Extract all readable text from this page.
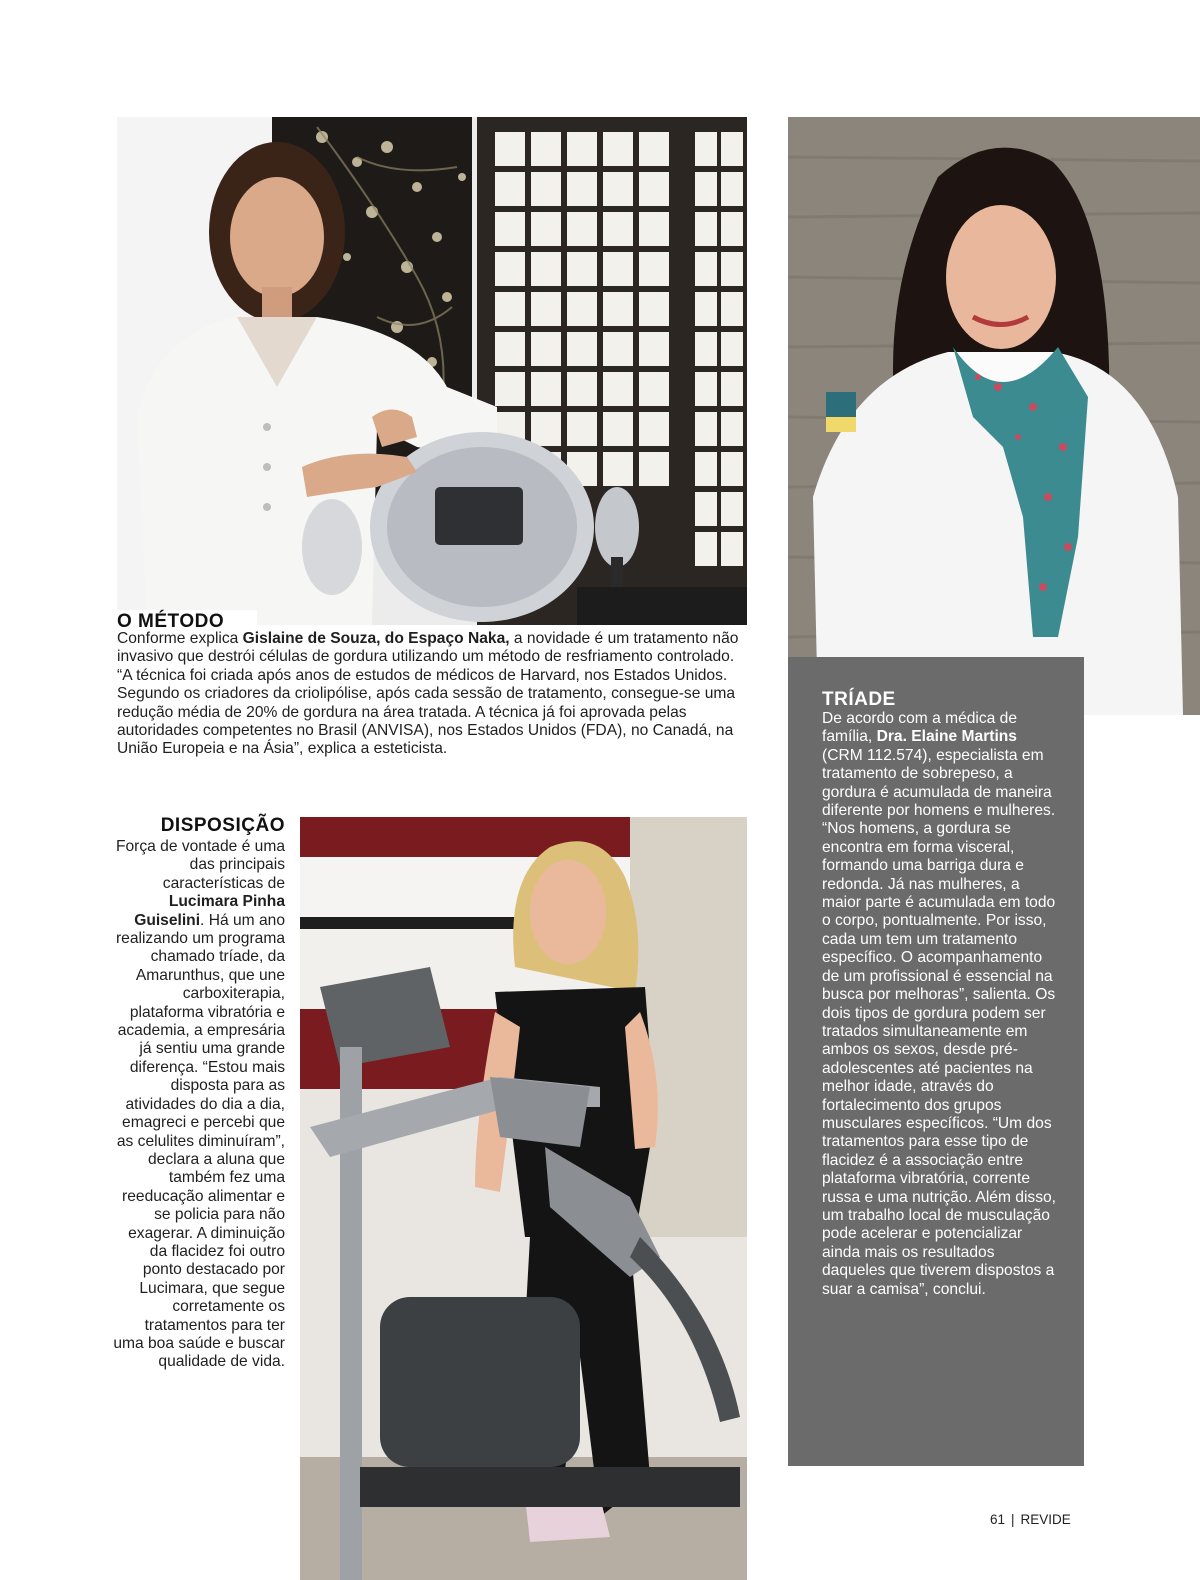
O MÉTODO

Conforme explica Gislaine de Souza, do Espaço Naka, a novidade é um tratamento não invasivo que destrói células de gordura utilizando um método de resfriamento controlado. “A técnica foi criada após anos de estudos de médicos de Harvard, nos Estados Unidos. Segundo os criadores da criolipólise, após cada sessão de tratamento, consegue-se uma redução média de 20% de gordura na área tratada. A técnica já foi aprovada pelas autoridades competentes no Brasil (ANVISA), nos Estados Unidos (FDA), no Canadá, na União Europeia e na Ásia”, explica a esteticista.

DISPOSIÇÃO

Força de vontade é uma das principais características de Lucimara Pinha Guiselini. Há um ano realizando um programa chamado tríade, da Amarunthus, que une carboxiterapia, plataforma vibratória e academia, a empresária já sentiu uma grande diferença. “Estou mais disposta para as atividades do dia a dia, emagreci e percebi que as celulites diminuíram”, declara a aluna que também fez uma reeducação alimentar e se policia para não exagerar. A diminuição da flacidez foi outro ponto destacado por Lucimara, que segue corretamente os tratamentos para ter uma boa saúde e buscar qualidade de vida.

TRÍADE

De acordo com a médica de família, Dra. Elaine Martins (CRM 112.574), especialista em tratamento de sobrepeso, a gordura é acumulada de maneira diferente por homens e mulheres. “Nos homens, a gordura se encontra em forma visceral, formando uma barriga dura e redonda. Já nas mulheres, a maior parte é acumulada em todo o corpo, pontualmente. Por isso, cada um tem um tratamento específico. O acompanhamento de um profissional é essencial na busca por melhoras”, salienta. Os dois tipos de gordura podem ser tratados simultaneamente em ambos os sexos, desde pré-adolescentes até pacientes na melhor idade, através do fortalecimento dos grupos musculares específicos. “Um dos tratamentos para esse tipo de flacidez é a associação entre plataforma vibratória, corrente russa e uma nutrição. Além disso, um trabalho local de musculação pode acelerar e potencializar ainda mais os resultados daqueles que tiverem dispostos a suar a camisa”, conclui.

61 | REVIDE
